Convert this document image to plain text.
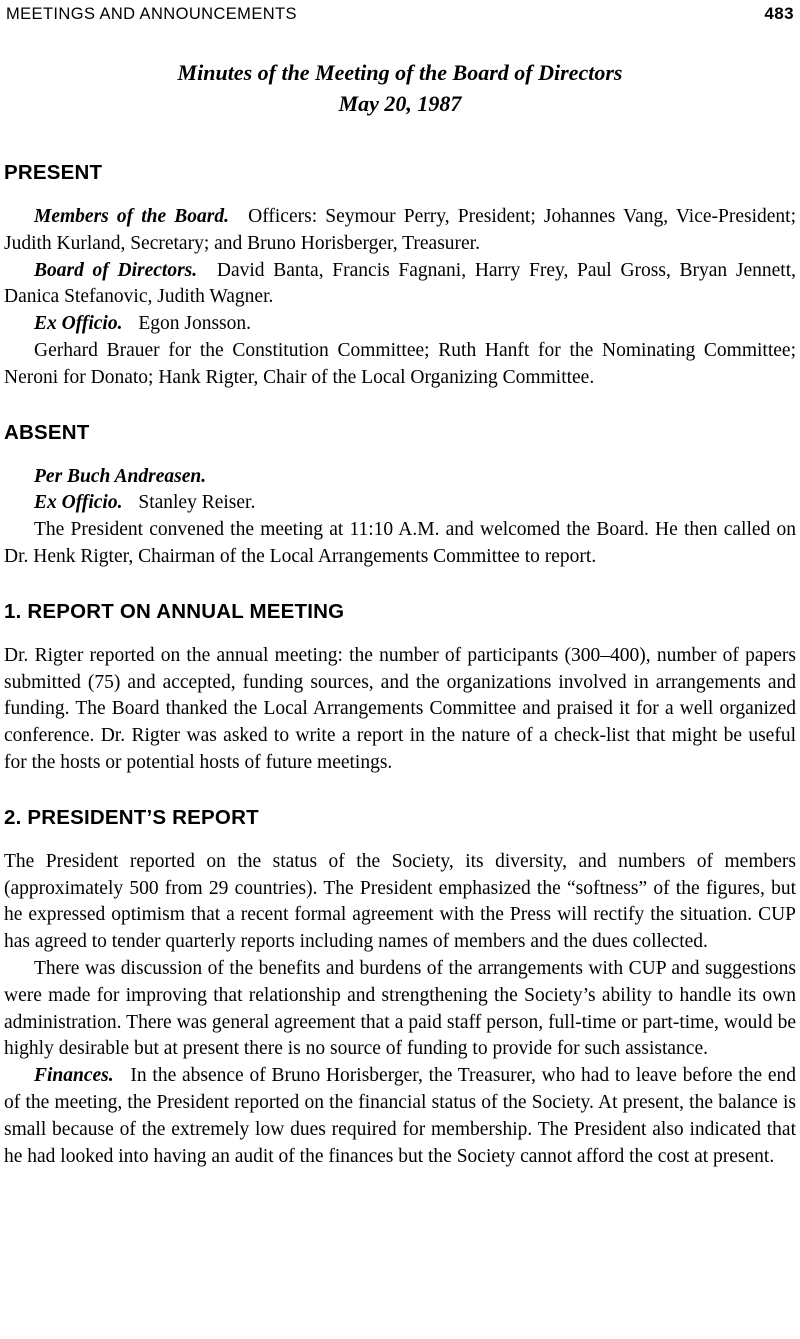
MEETINGS AND ANNOUNCEMENTS	483
Minutes of the Meeting of the Board of Directors
May 20, 1987
PRESENT

Members of the Board. Officers: Seymour Perry, President; Johannes Vang, Vice-President; Judith Kurland, Secretary; and Bruno Horisberger, Treasurer.

Board of Directors. David Banta, Francis Fagnani, Harry Frey, Paul Gross, Bryan Jennett, Danica Stefanovic, Judith Wagner.

Ex Officio. Egon Jonsson.

Gerhard Brauer for the Constitution Committee; Ruth Hanft for the Nominating Committee; Neroni for Donato; Hank Rigter, Chair of the Local Organizing Committee.

ABSENT

Per Buch Andreasen.

Ex Officio. Stanley Reiser.

The President convened the meeting at 11:10 A.M. and welcomed the Board. He then called on Dr. Henk Rigter, Chairman of the Local Arrangements Committee to report.

1. REPORT ON ANNUAL MEETING

Dr. Rigter reported on the annual meeting: the number of participants (300–400), number of papers submitted (75) and accepted, funding sources, and the organizations involved in arrangements and funding. The Board thanked the Local Arrangements Committee and praised it for a well organized conference. Dr. Rigter was asked to write a report in the nature of a check-list that might be useful for the hosts or potential hosts of future meetings.

2. PRESIDENT’S REPORT

The President reported on the status of the Society, its diversity, and numbers of members (approximately 500 from 29 countries). The President emphasized the “softness” of the figures, but he expressed optimism that a recent formal agreement with the Press will rectify the situation. CUP has agreed to tender quarterly reports including names of members and the dues collected.

There was discussion of the benefits and burdens of the arrangements with CUP and suggestions were made for improving that relationship and strengthening the Society’s ability to handle its own administration. There was general agreement that a paid staff person, full-time or part-time, would be highly desirable but at present there is no source of funding to provide for such assistance.

Finances. In the absence of Bruno Horisberger, the Treasurer, who had to leave before the end of the meeting, the President reported on the financial status of the Society. At present, the balance is small because of the extremely low dues required for membership. The President also indicated that he had looked into having an audit of the finances but the Society cannot afford the cost at present.
